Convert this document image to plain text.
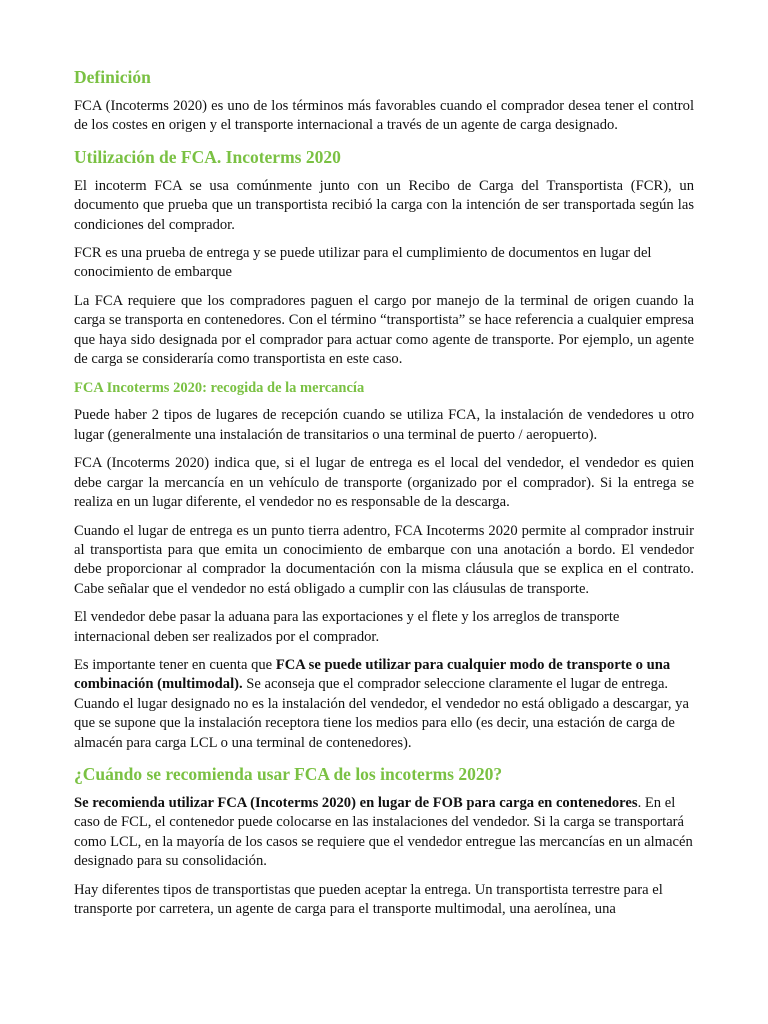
Definición

FCA (Incoterms 2020) es uno de los términos más favorables cuando el comprador desea tener el control de los costes en origen y el transporte internacional a través de un agente de carga designado.

Utilización de FCA. Incoterms 2020

El incoterm FCA se usa comúnmente junto con un Recibo de Carga del Transportista (FCR), un documento que prueba que un transportista recibió la carga con la intención de ser transportada según las condiciones del comprador.

FCR es una prueba de entrega y se puede utilizar para el cumplimiento de documentos en lugar del conocimiento de embarque

La FCA requiere que los compradores paguen el cargo por manejo de la terminal de origen cuando la carga se transporta en contenedores. Con el término “transportista” se hace referencia a cualquier empresa que haya sido designada por el comprador para actuar como agente de transporte. Por ejemplo, un agente de carga se consideraría como transportista en este caso.

FCA Incoterms 2020: recogida de la mercancía

Puede haber 2 tipos de lugares de recepción cuando se utiliza FCA, la instalación de vendedores u otro lugar (generalmente una instalación de transitarios o una terminal de puerto / aeropuerto).

FCA (Incoterms 2020) indica que, si el lugar de entrega es el local del vendedor, el vendedor es quien debe cargar la mercancía en un vehículo de transporte (organizado por el comprador). Si la entrega se realiza en un lugar diferente, el vendedor no es responsable de la descarga.

Cuando el lugar de entrega es un punto tierra adentro, FCA Incoterms 2020 permite al comprador instruir al transportista para que emita un conocimiento de embarque con una anotación a bordo. El vendedor debe proporcionar al comprador la documentación con la misma cláusula que se explica en el contrato. Cabe señalar que el vendedor no está obligado a cumplir con las cláusulas de transporte.

El vendedor debe pasar la aduana para las exportaciones y el flete y los arreglos de transporte internacional deben ser realizados por el comprador.

Es importante tener en cuenta que FCA se puede utilizar para cualquier modo de transporte o una combinación (multimodal). Se aconseja que el comprador seleccione claramente el lugar de entrega. Cuando el lugar designado no es la instalación del vendedor, el vendedor no está obligado a descargar, ya que se supone que la instalación receptora tiene los medios para ello (es decir, una estación de carga de almacén para carga LCL o una terminal de contenedores).

¿Cuándo se recomienda usar FCA de los incoterms 2020?

Se recomienda utilizar FCA (Incoterms 2020) en lugar de FOB para carga en contenedores. En el caso de FCL, el contenedor puede colocarse en las instalaciones del vendedor. Si la carga se transportará como LCL, en la mayoría de los casos se requiere que el vendedor entregue las mercancías en un almacén designado para su consolidación.

Hay diferentes tipos de transportistas que pueden aceptar la entrega. Un transportista terrestre para el transporte por carretera, un agente de carga para el transporte multimodal, una aerolínea, una
